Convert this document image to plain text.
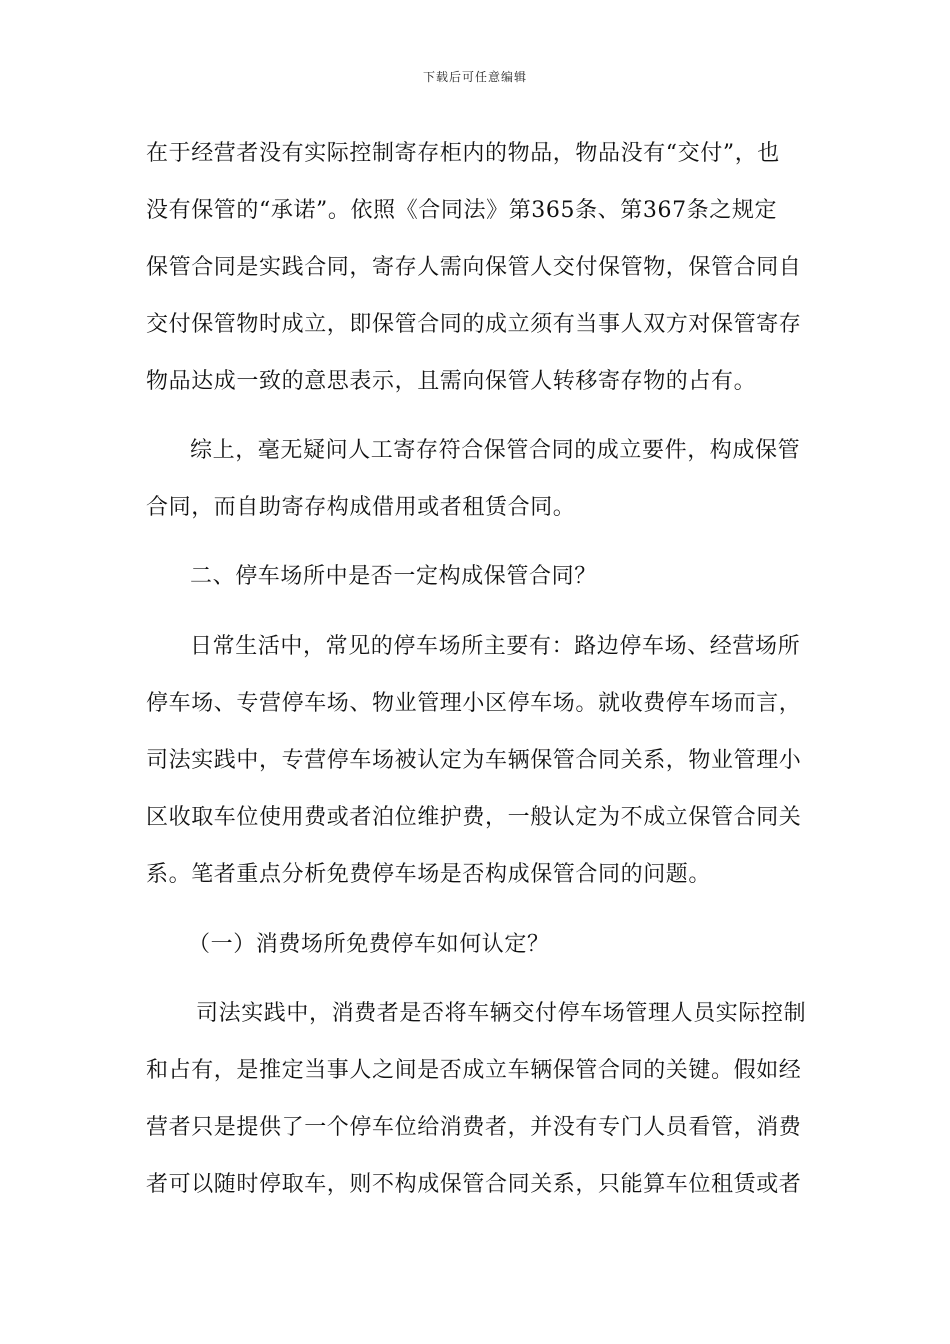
下载后可任意编辑
在于经营者没有实际控制寄存柜内的物品，物品没有“交付”，也
没有保管的“承诺”。依照《合同法》第365条、第367条之规定
保管合同是实践合同，寄存人需向保管人交付保管物，保管合同自
交付保管物时成立，即保管合同的成立须有当事人双方对保管寄存
物品达成一致的意思表示，且需向保管人转移寄存物的占有。
综上，毫无疑问人工寄存符合保管合同的成立要件，构成保管
合同，而自助寄存构成借用或者租赁合同。
二、停车场所中是否一定构成保管合同？
日常生活中，常见的停车场所主要有：路边停车场、经营场所
停车场、专营停车场、物业管理小区停车场。就收费停车场而言，
司法实践中，专营停车场被认定为车辆保管合同关系，物业管理小
区收取车位使用费或者泊位维护费，一般认定为不成立保管合同关
系。笔者重点分析免费停车场是否构成保管合同的问题。
（一）消费场所免费停车如何认定？
司法实践中，消费者是否将车辆交付停车场管理人员实际控制
和占有，是推定当事人之间是否成立车辆保管合同的关键。假如经
营者只是提供了一个停车位给消费者，并没有专门人员看管，消费
者可以随时停取车，则不构成保管合同关系，只能算车位租赁或者
